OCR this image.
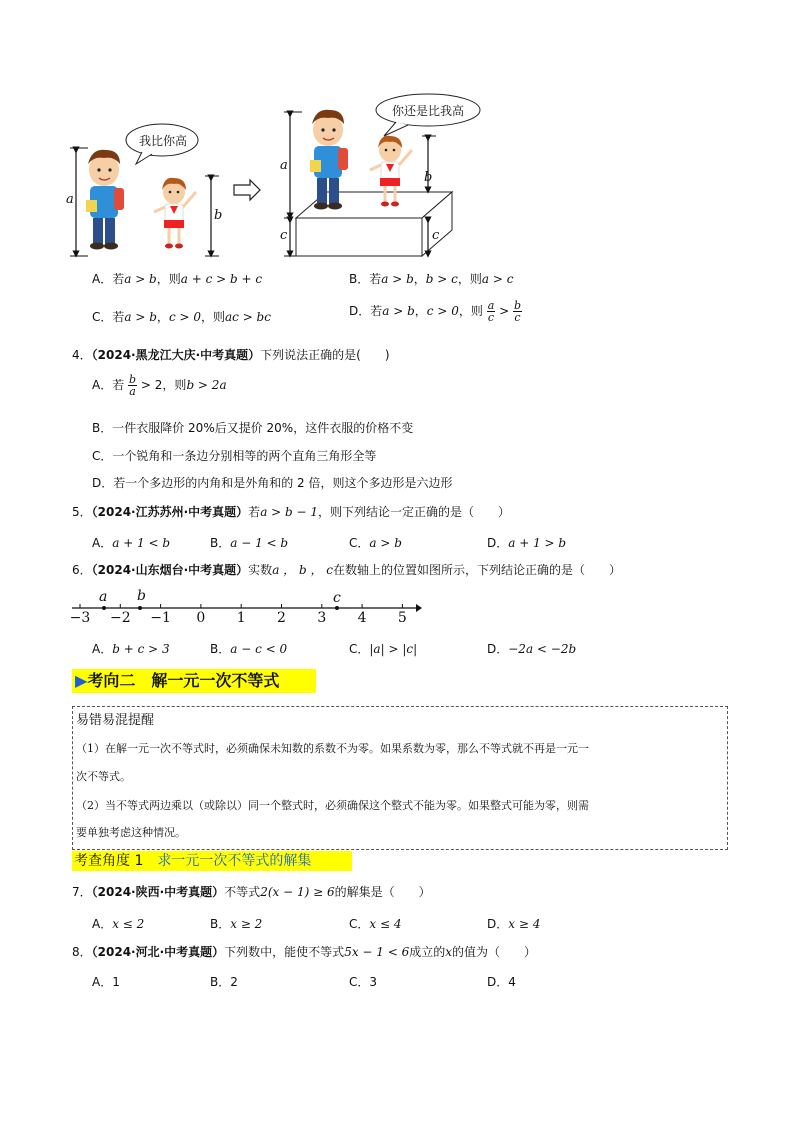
我比你高
你还是比我高
a
b
a
b
c	c
A．若a > b，则a + c > b + c	B．若a > b，b > c，则a > c
C．若a > b，c > 0，则ac > bc	D．若a > b，c > 0，则 $\frac{a}{c} > \frac{b}{c}$
4．（2024·黑龙江大庆·中考真题）下列说法正确的是(　　)
A．若 $\frac{b}{a} > 2$，则b > 2a
B．一件衣服降价 20%后又提价 20%，这件衣服的价格不变
C．一个锐角和一条边分别相等的两个直角三角形全等
D．若一个多边形的内角和是外角和的 2 倍，则这个多边形是六边形
5．（2024·江苏苏州·中考真题）若a > b − 1，则下列结论一定正确的是（　　）
A．a + 1 < b	B．a − 1 < b	C．a > b	D．a + 1 > b
6．（2024·山东烟台·中考真题）实数a ， b ， c在数轴上的位置如图所示，下列结论正确的是（　　）
a b	c
−3 −2 −1	0	1	2	3	4	5
A．b + c > 3	B．a − c < 0	C．|a| > |c|	D．−2a < −2b
▶考向二　解一元一次不等式
易错易混提醒
（1）在解一元一次不等式时，必须确保未知数的系数不为零。如果系数为零，那么不等式就不再是一元一
次不等式。
（2）当不等式两边乘以（或除以）同一个整式时，必须确保这个整式不能为零。如果整式可能为零，则需
要单独考虑这种情况。
考查角度 1　求一元一次不等式的解集
7．（2024·陕西·中考真题）不等式2(x − 1) ≥ 6的解集是（　　）
A．x ≤ 2	B．x ≥ 2	C．x ≤ 4	D．x ≥ 4
8．（2024·河北·中考真题）下列数中，能使不等式5x − 1 < 6成立的x的值为（　　）
A．1	B．2	C．3	D．4
